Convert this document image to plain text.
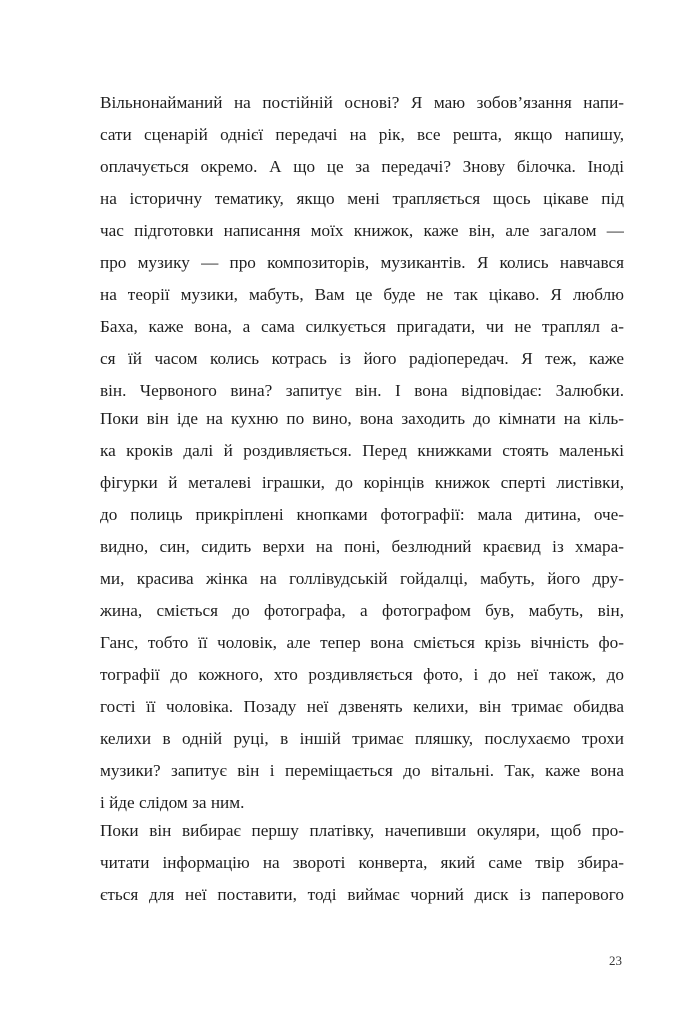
Вільнонайманий на постійній основі? Я маю зобов’язання напи-
сати сценарій однієї передачі на рік, все решта, якщо напишу,
оплачується окремо. А що це за передачі? Знову білочка. Іноді
на історичну тематику, якщо мені трапляється щось цікаве під
час підготовки написання моїх книжок, каже він, але загалом —
про музику — про композиторів, музикантів. Я колись навчався
на теорії музики, мабуть, Вам це буде не так цікаво. Я люблю
Баха, каже вона, а сама силкується пригадати, чи не траплял а-
ся їй часом колись котрась із його радіопередач. Я теж, каже
він. Червоного вина? запитує він. І вона відповідає: Залюбки.
Поки він іде на кухню по вино, вона заходить до кімнати на кіль-
ка кроків далі й роздивляється. Перед книжками стоять маленькі
фігурки й металеві іграшки, до корінців книжок сперті листівки,
до полиць прикріплені кнопками фотографії: мала дитина, оче-
видно, син, сидить верхи на поні, безлюдний краєвид із хмара-
ми, красива жінка на голлівудській гойдалці, мабуть, його дру-
жина, сміється до фотографа, а фотографом був, мабуть, він,
Ганс, тобто її чоловік, але тепер вона сміється крізь вічність фо-
тографії до кожного, хто роздивляється фото, і до неї також, до
гості її чоловіка. Позаду неї дзвенять келихи, він тримає обидва
келихи в одній руці, в іншій тримає пляшку, послухаємо трохи
музики? запитує він і переміщається до вітальні. Так, каже вона
і йде слідом за ним.
Поки він вибирає першу платівку, начепивши окуляри, щоб про-
читати інформацію на звороті конверта, який саме твір збира-
ється для неї поставити, тоді виймає чорний диск із паперового
23
